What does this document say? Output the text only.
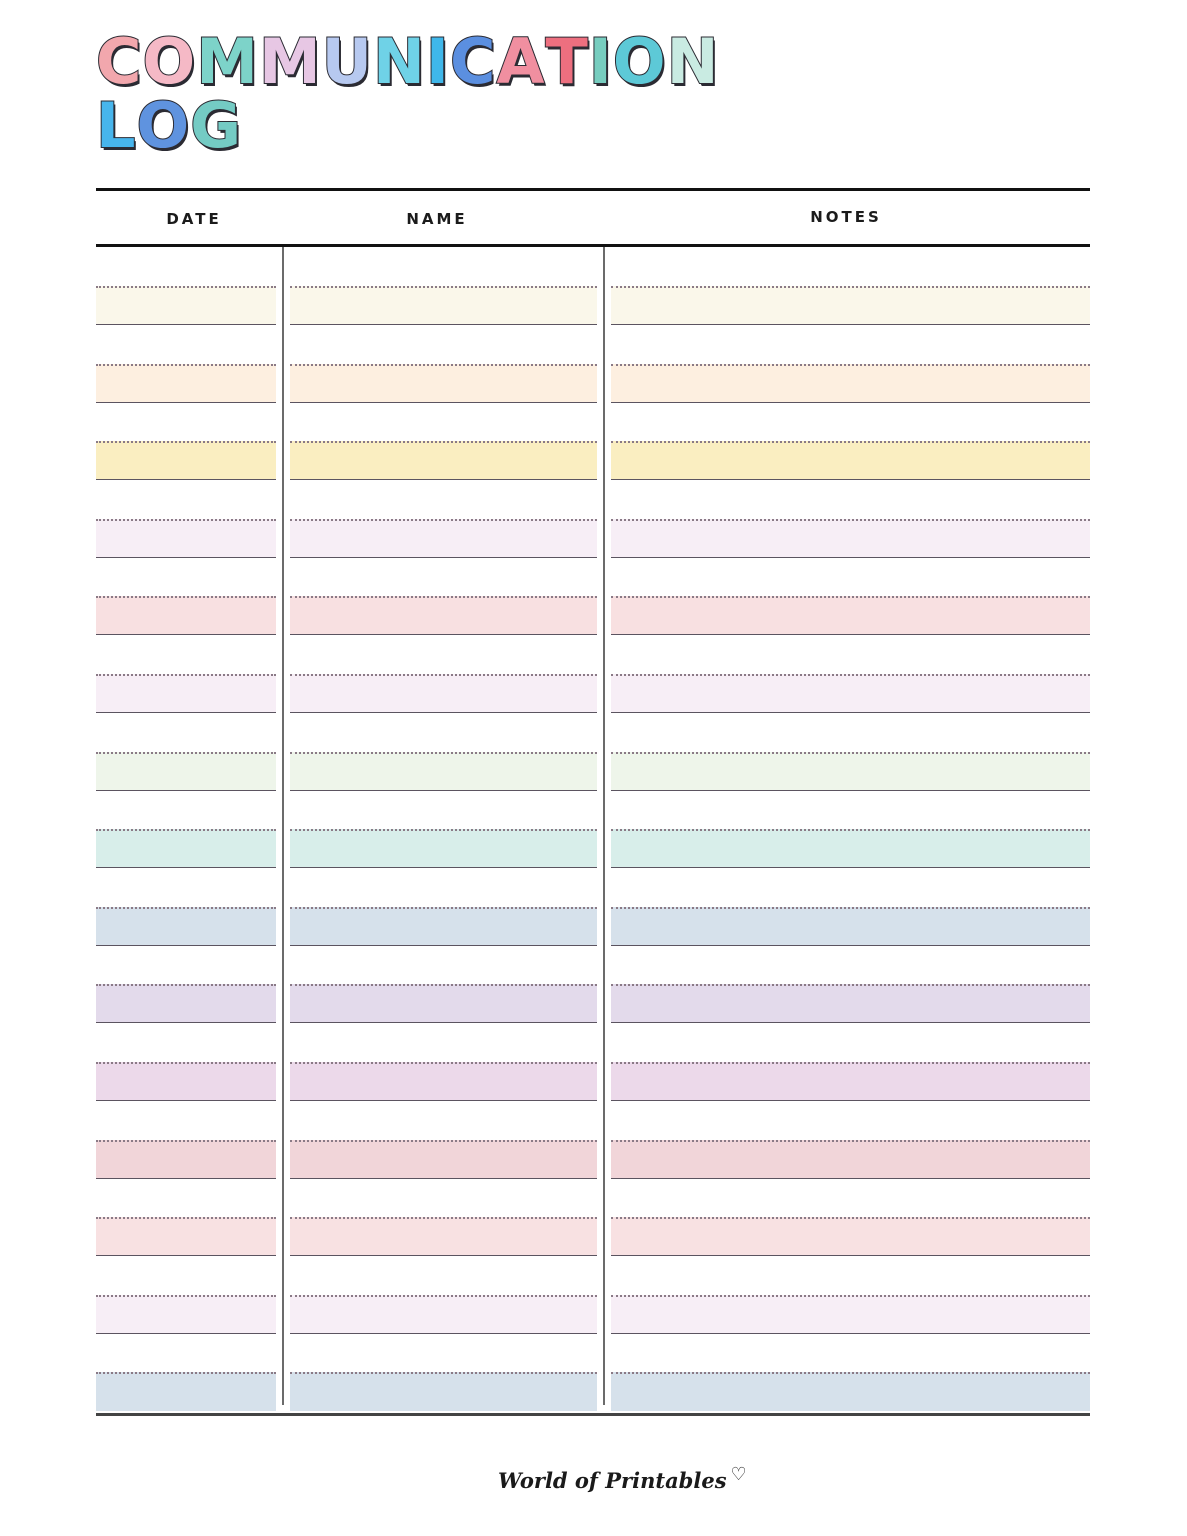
COMMUNICATION
LOG
DATE	NAME	NOTES
World of Printables ♡
